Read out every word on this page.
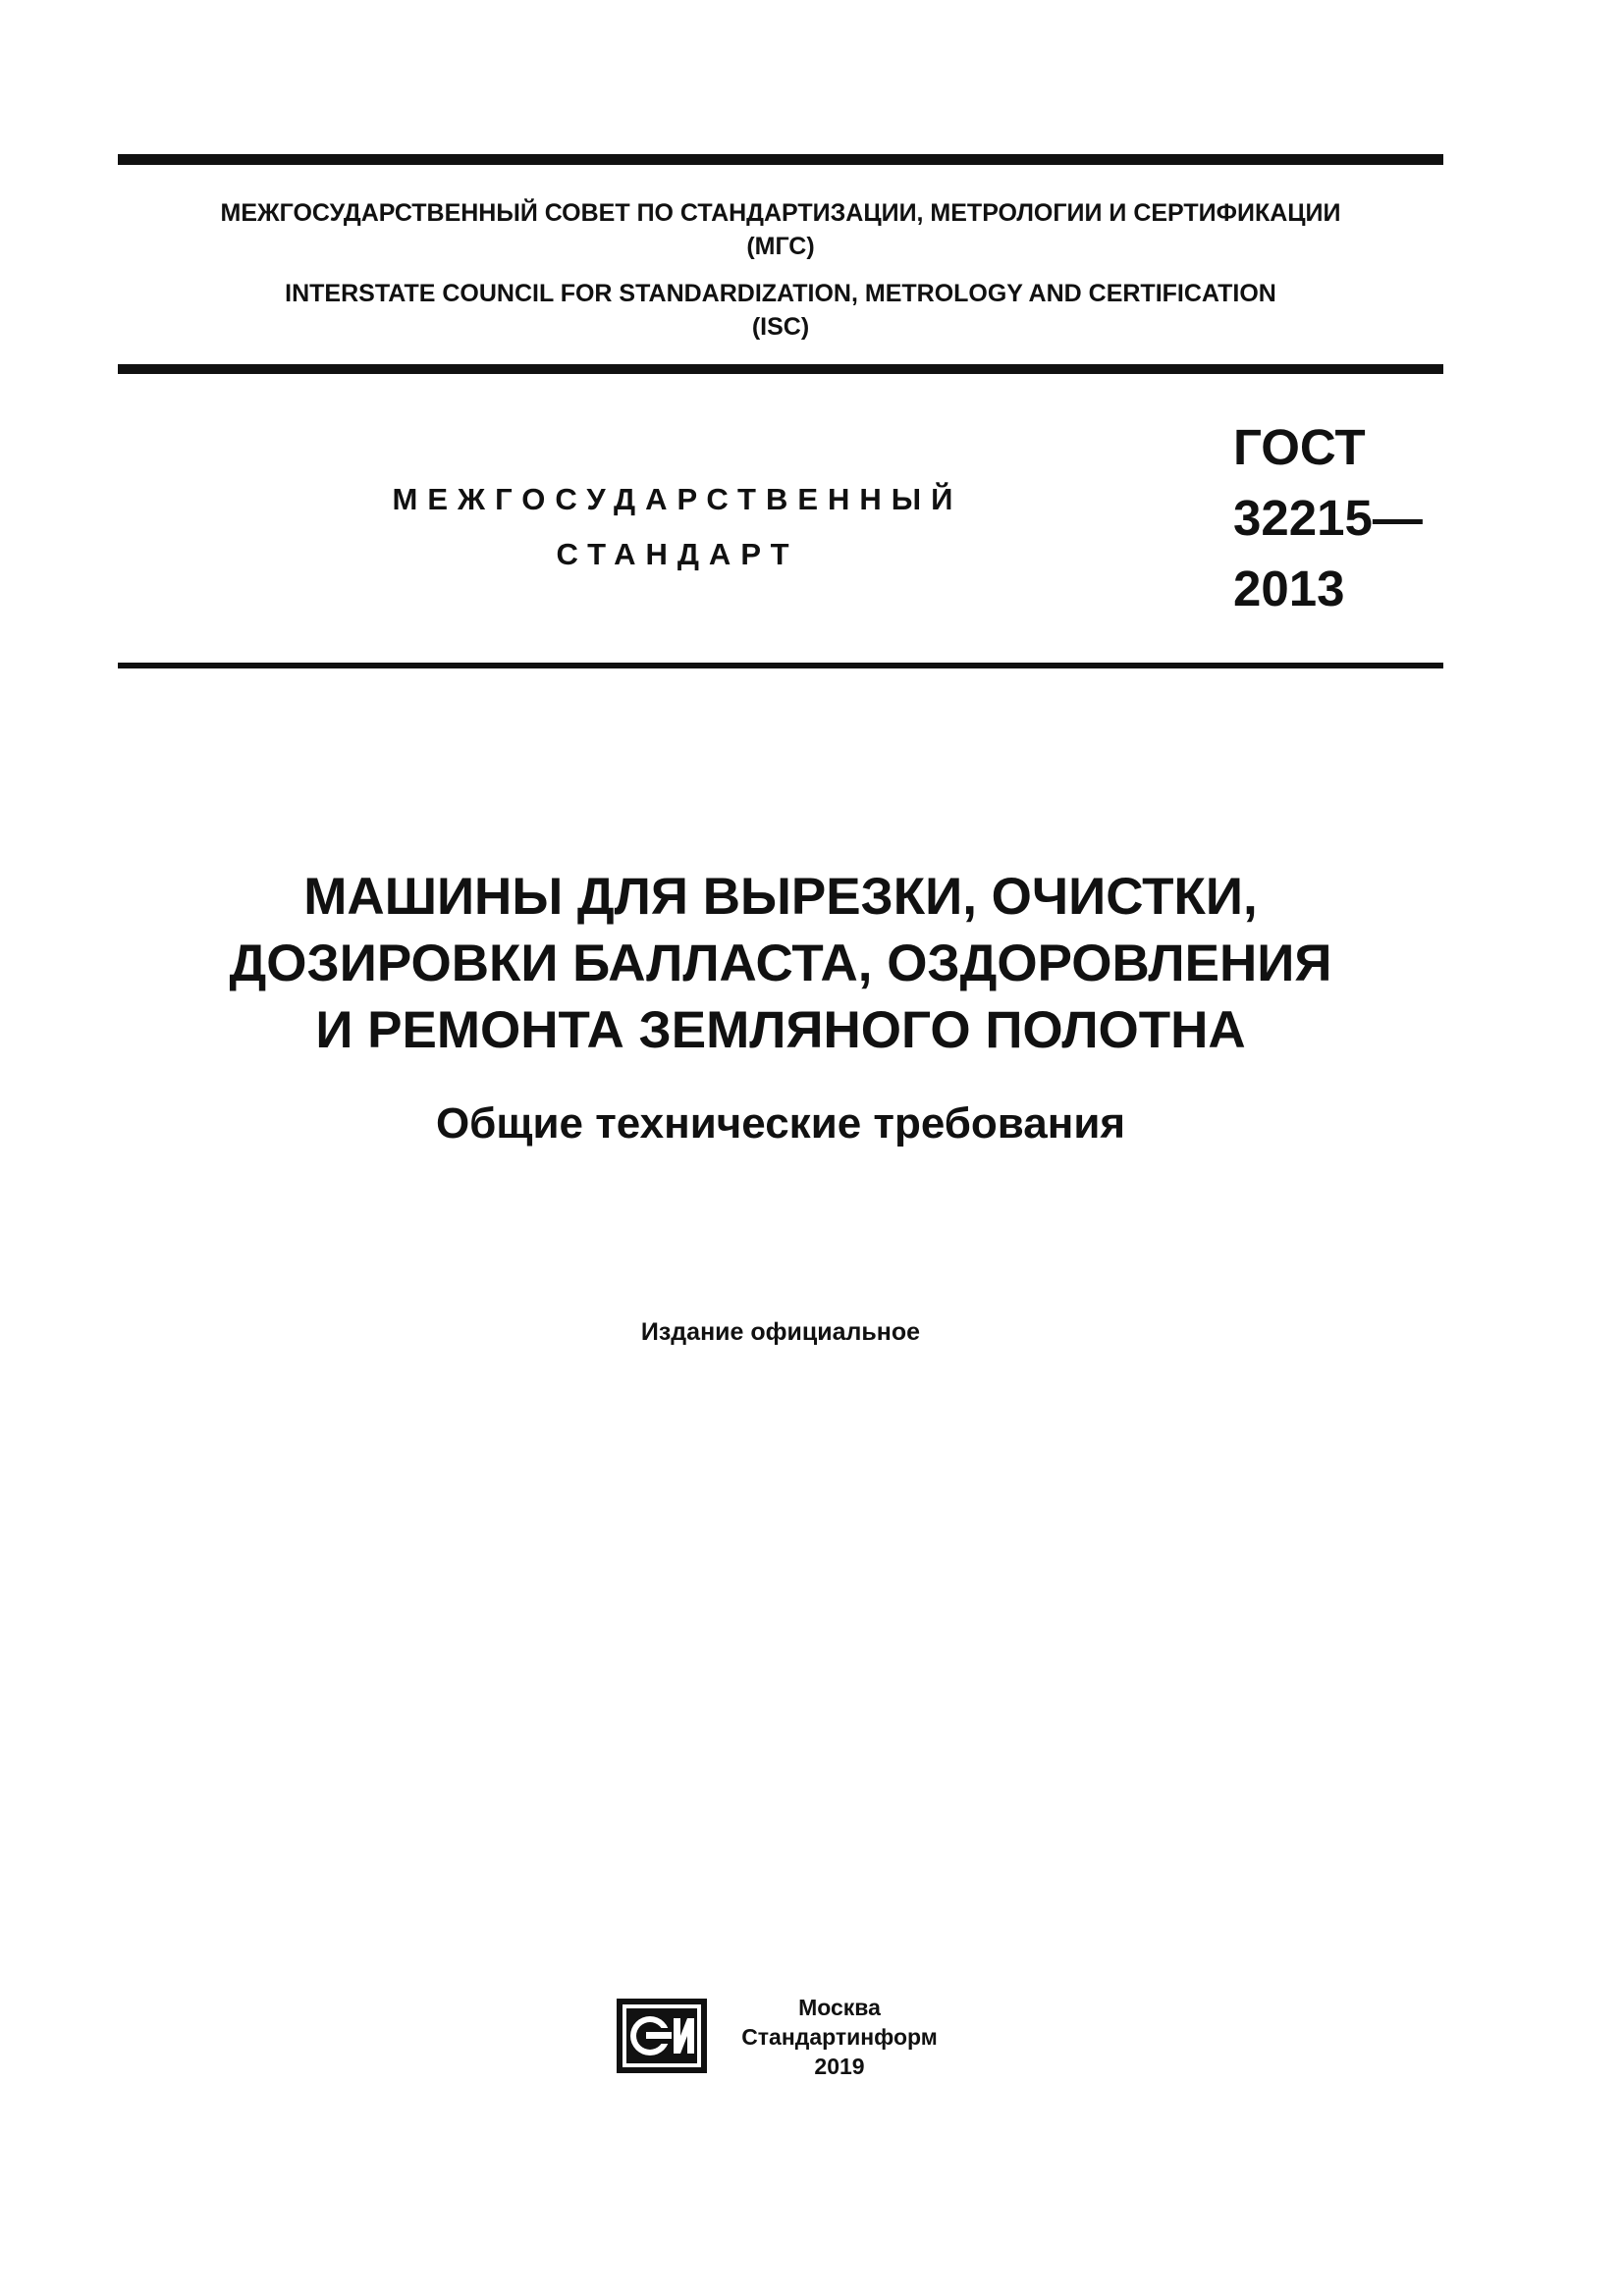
МЕЖГОСУДАРСТВЕННЫЙ СОВЕТ ПО СТАНДАРТИЗАЦИИ, МЕТРОЛОГИИ И СЕРТИФИКАЦИИ
(МГС)
INTERSTATE COUNCIL FOR STANDARDIZATION, METROLOGY AND CERTIFICATION
(ISC)
МЕЖГОСУДАРСТВЕННЫЙ
СТАНДАРТ
ГОСТ
32215—
2013
МАШИНЫ ДЛЯ ВЫРЕЗКИ, ОЧИСТКИ,
ДОЗИРОВКИ БАЛЛАСТА, ОЗДОРОВЛЕНИЯ
И РЕМОНТА ЗЕМЛЯНОГО ПОЛОТНА
Общие технические требования
Издание официальное
Москва
Стандартинформ
2019
